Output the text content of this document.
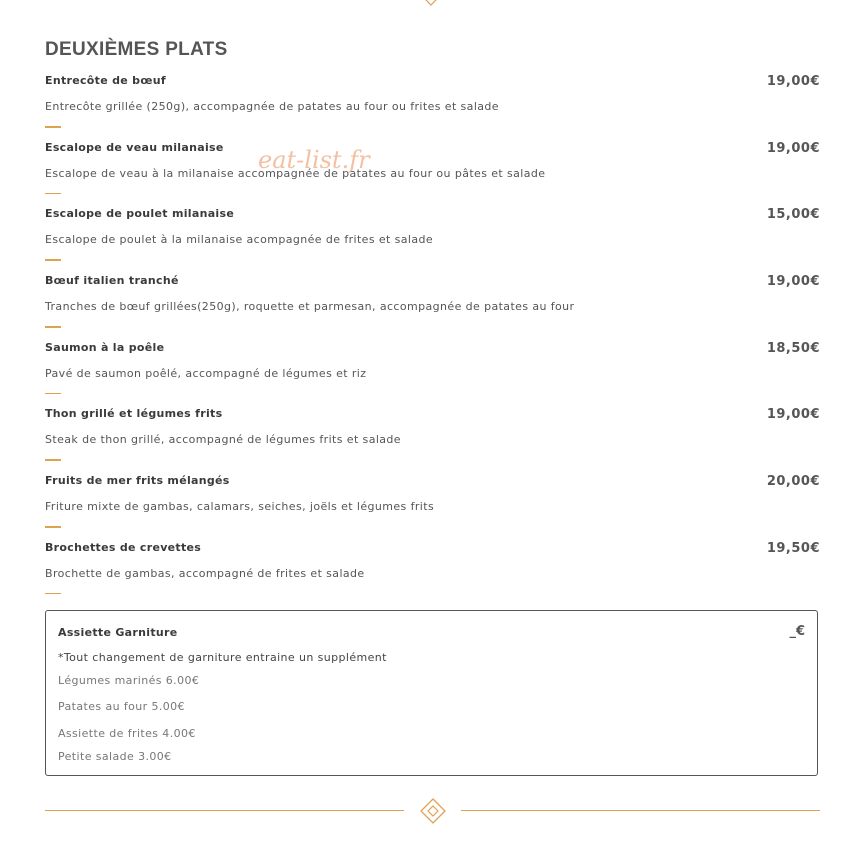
DEUXIÈMES PLATS
Entrecôte de bœuf	19,00€
Entrecôte grillée (250g), accompagnée de patates au four ou frites et salade
Escalope de veau milanaise	19,00€
Escalope de veau à la milanaise accompagnée de patates au four ou pâtes et salade
Escalope de poulet milanaise	15,00€
Escalope de poulet à la milanaise acompagnée de frites et salade
Bœuf italien tranché	19,00€
Tranches de bœuf grillées(250g), roquette et parmesan, accompagnée de patates au four
Saumon à la poêle	18,50€
Pavé de saumon poêlé, accompagné de légumes et riz
Thon grillé et légumes frits	19,00€
Steak de thon grillé, accompagné de légumes frits et salade
Fruits de mer frits mélangés	20,00€
Friture mixte de gambas, calamars, seiches, joëls et légumes frits
Brochettes de crevettes	19,50€
Brochette de gambas, accompagné de frites et salade
eat-list.fr
Assiette Garniture	_€
*Tout changement de garniture entraine un supplément
Légumes marinés 6.00€
Patates au four 5.00€
Assiette de frites 4.00€
Petite salade 3.00€
